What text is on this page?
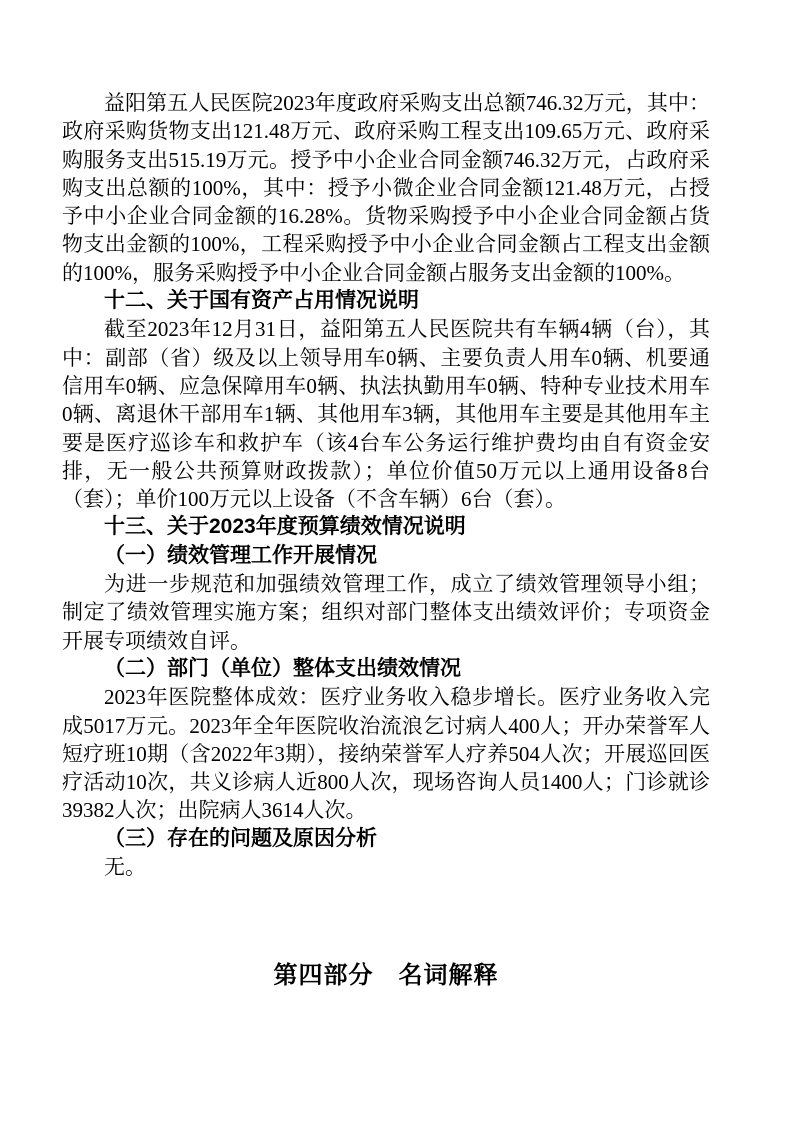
益阳第五人民医院2023年度政府采购支出总额746.32万元，其中：政府采购货物支出121.48万元、政府采购工程支出109.65万元、政府采购服务支出515.19万元。授予中小企业合同金额746.32万元，占政府采购支出总额的100%，其中：授予小微企业合同金额121.48万元，占授予中小企业合同金额的16.28%。货物采购授予中小企业合同金额占货物支出金额的100%，工程采购授予中小企业合同金额占工程支出金额的100%，服务采购授予中小企业合同金额占服务支出金额的100%。

十二、关于国有资产占用情况说明

截至2023年12月31日，益阳第五人民医院共有车辆4辆（台），其中：副部（省）级及以上领导用车0辆、主要负责人用车0辆、机要通信用车0辆、应急保障用车0辆、执法执勤用车0辆、特种专业技术用车0辆、离退休干部用车1辆、其他用车3辆，其他用车主要是其他用车主要是医疗巡诊车和救护车（该4台车公务运行维护费均由自有资金安排，无一般公共预算财政拨款）；单位价值50万元以上通用设备8台（套）；单价100万元以上设备（不含车辆）6台（套）。

十三、关于2023年度预算绩效情况说明

（一）绩效管理工作开展情况

为进一步规范和加强绩效管理工作，成立了绩效管理领导小组；制定了绩效管理实施方案；组织对部门整体支出绩效评价；专项资金开展专项绩效自评。

（二）部门（单位）整体支出绩效情况

2023年医院整体成效：医疗业务收入稳步增长。医疗业务收入完成5017万元。2023年全年医院收治流浪乞讨病人400人；开办荣誉军人短疗班10期（含2022年3期），接纳荣誉军人疗养504人次；开展巡回医疗活动10次，共义诊病人近800人次，现场咨询人员1400人；门诊就诊39382人次；出院病人3614人次。

（三）存在的问题及原因分析

无。

第四部分　名词解释
